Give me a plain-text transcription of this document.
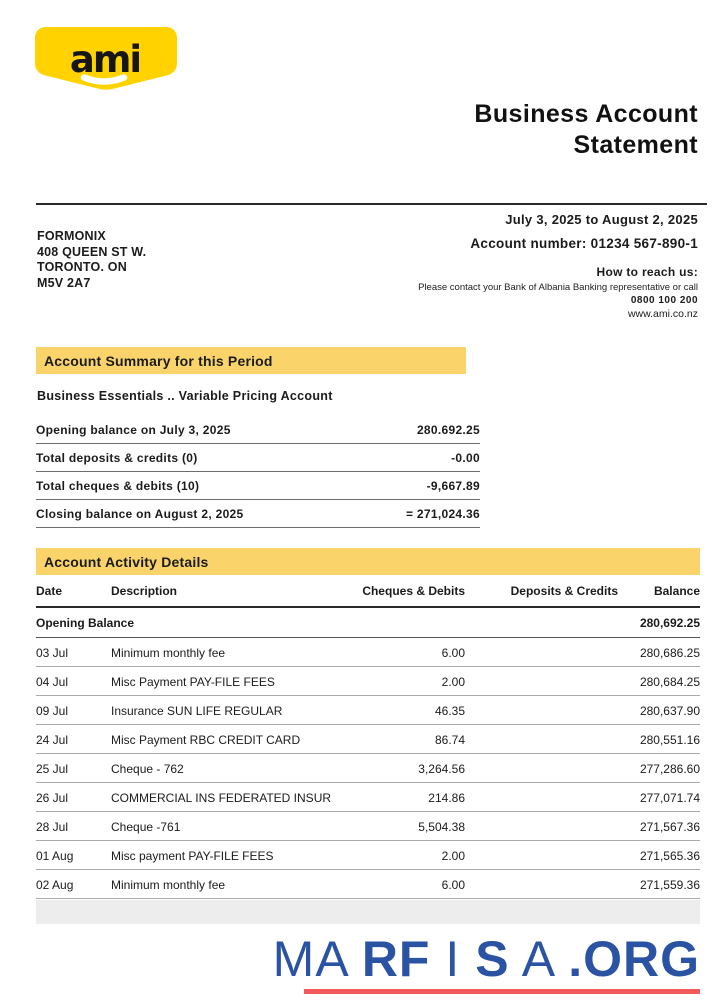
ami
Business Account
Statement
FORMONIX
408 QUEEN ST W.
TORONTO. ON
M5V 2A7
July 3, 2025 to August 2, 2025
Account number: 01234 567-890-1
How to reach us:
Please contact your Bank of Albania Banking representative or call
0800 100 200
www.ami.co.nz
Account Summary for this Period
Business Essentials .. Variable Pricing Account
Opening balance on July 3, 2025	280.692.25
Total deposits & credits (0)	-0.00
Total cheques & debits (10)	-9,667.89
Closing balance on August 2, 2025	= 271,024.36
Account Activity Details
Date	Description	Cheques & Debits	Deposits & Credits	Balance
Opening Balance				280,692.25
03 Jul	Minimum monthly fee	6.00		280,686.25
04 Jul	Misc Payment PAY-FILE FEES	2.00		280,684.25
09 Jul	Insurance SUN LIFE REGULAR	46.35		280,637.90
24 Jul	Misc Payment RBC CREDIT CARD	86.74		280,551.16
25 Jul	Cheque - 762	3,264.56		277,286.60
26 Jul	COMMERCIAL INS FEDERATED INSUR	214.86		277,071.74
28 Jul	Cheque -761	5,504.38		271,567.36
01 Aug	Misc payment PAY-FILE FEES	2.00		271,565.36
02 Aug	Minimum monthly fee	6.00		271,559.36
MA RF I S A .ORG
